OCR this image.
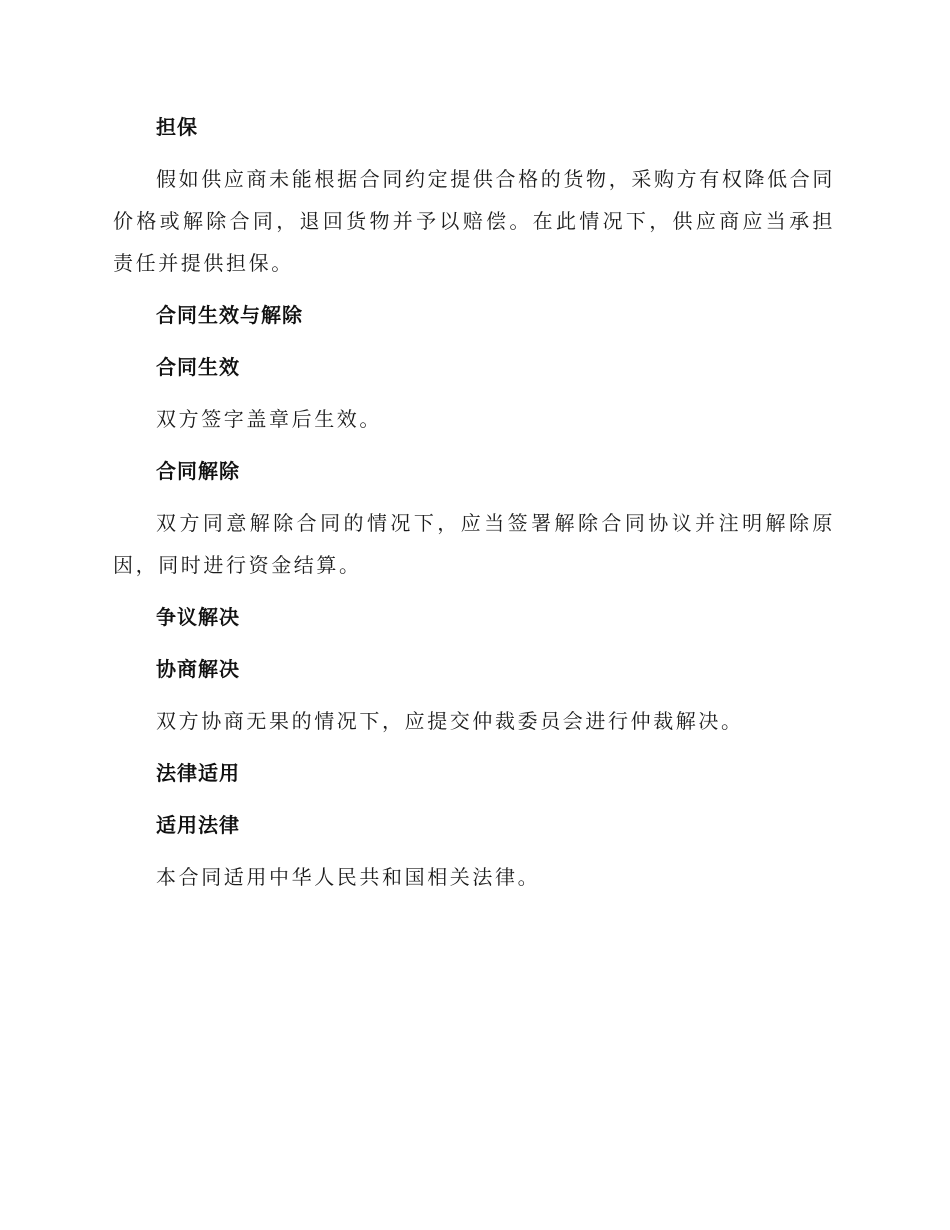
担保
假如供应商未能根据合同约定提供合格的货物，采购方有权降低合同价格或解除合同，退回货物并予以赔偿。在此情况下，供应商应当承担责任并提供担保。
合同生效与解除
合同生效
双方签字盖章后生效。
合同解除
双方同意解除合同的情况下，应当签署解除合同协议并注明解除原因，同时进行资金结算。
争议解决
协商解决
双方协商无果的情况下，应提交仲裁委员会进行仲裁解决。
法律适用
适用法律
本合同适用中华人民共和国相关法律。
